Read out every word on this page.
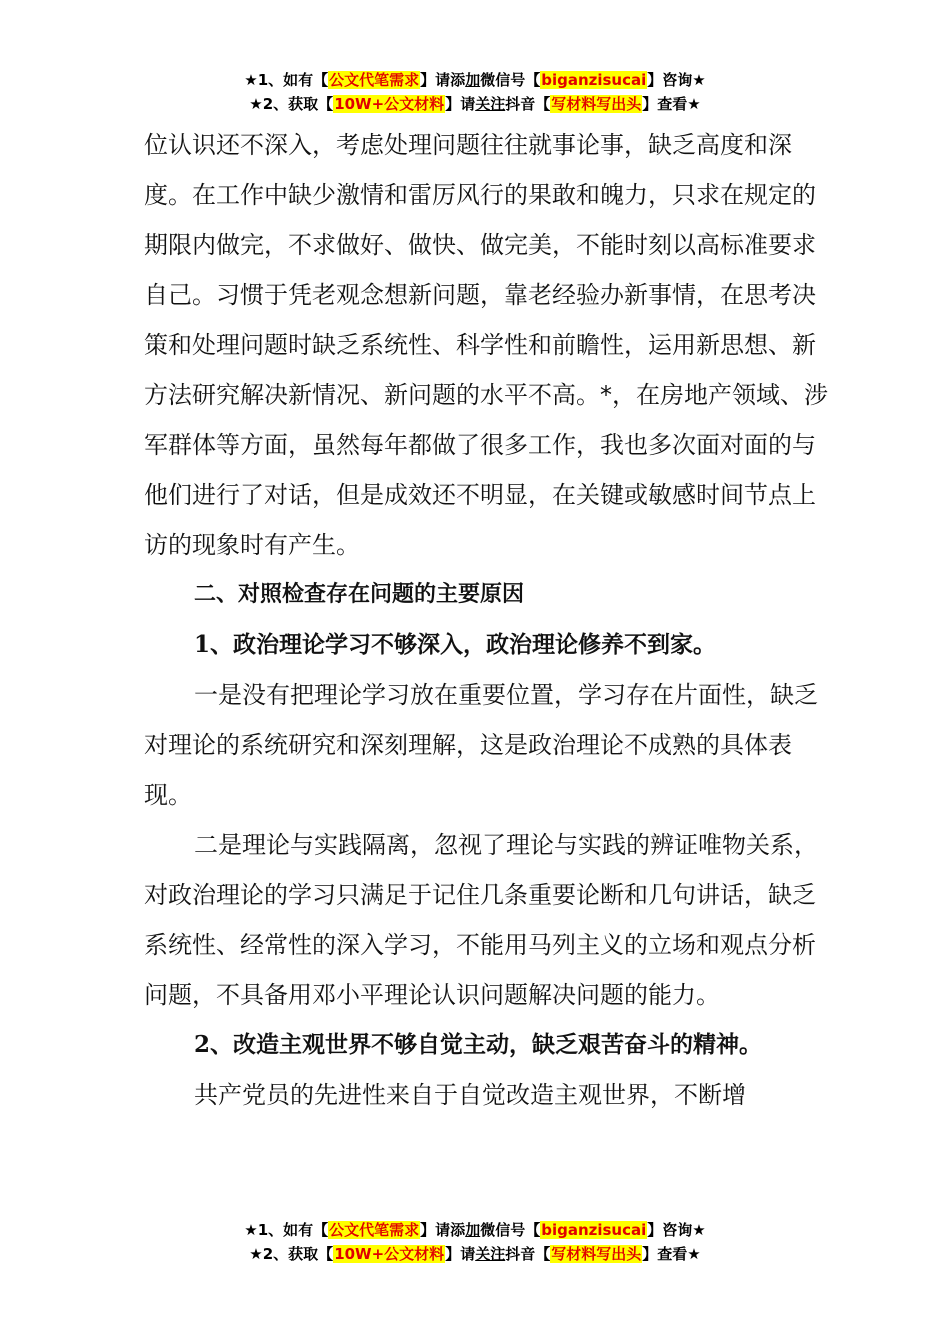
★1、如有【公文代笔需求】请添加微信号【biganzisucai】咨询★
★2、获取【10W+公文材料】请关注抖音【写材料写出头】查看★

位认识还不深入，考虑处理问题往往就事论事，缺乏高度和深度。在工作中缺少激情和雷厉风行的果敢和魄力，只求在规定的期限内做完，不求做好、做快、做完美，不能时刻以高标准要求自己。习惯于凭老观念想新问题，靠老经验办新事情，在思考决策和处理问题时缺乏系统性、科学性和前瞻性，运用新思想、新方法研究解决新情况、新问题的水平不高。*，在房地产领域、涉军群体等方面，虽然每年都做了很多工作，我也多次面对面的与他们进行了对话，但是成效还不明显，在关键或敏感时间节点上访的现象时有产生。

二、对照检查存在问题的主要原因

1、政治理论学习不够深入，政治理论修养不到家。

一是没有把理论学习放在重要位置，学习存在片面性，缺乏对理论的系统研究和深刻理解，这是政治理论不成熟的具体表现。

二是理论与实践隔离，忽视了理论与实践的辨证唯物关系，对政治理论的学习只满足于记住几条重要论断和几句讲话，缺乏系统性、经常性的深入学习，不能用马列主义的立场和观点分析问题，不具备用邓小平理论认识问题解决问题的能力。

2、改造主观世界不够自觉主动，缺乏艰苦奋斗的精神。

共产党员的先进性来自于自觉改造主观世界，不断增

★1、如有【公文代笔需求】请添加微信号【biganzisucai】咨询★
★2、获取【10W+公文材料】请关注抖音【写材料写出头】查看★
